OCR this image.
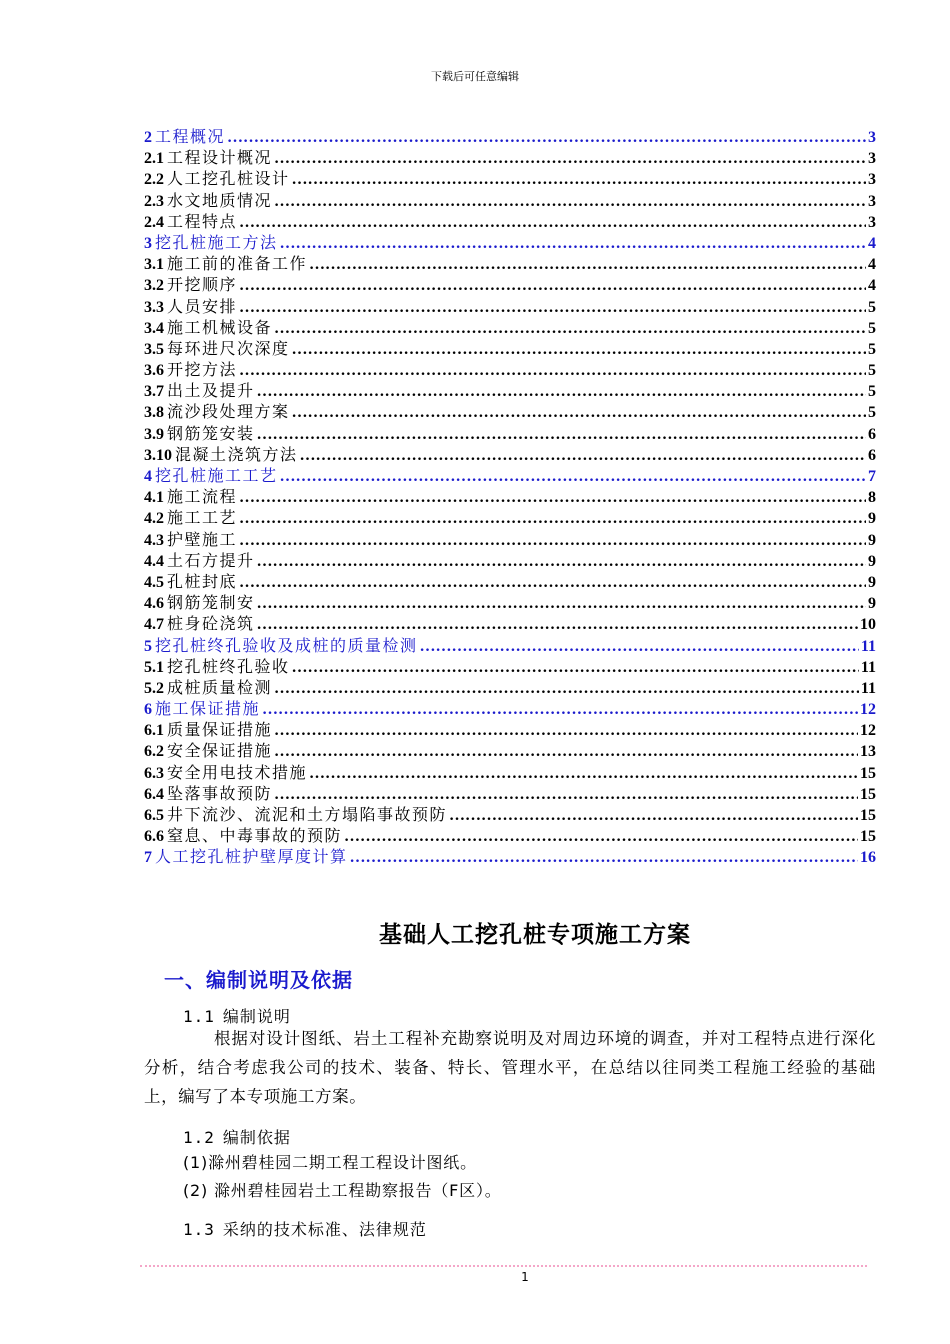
下载后可任意编辑
2 工程概况 …………………………………………………………………………………………………………………………	3
2.1 工程设计概况 …………………………………………………………………………………………………………………………	3
2.2 人工挖孔桩设计 …………………………………………………………………………………………………………………………	3
2.3 水文地质情况 …………………………………………………………………………………………………………………………	3
2.4 工程特点 …………………………………………………………………………………………………………………………	3
3 挖孔桩施工方法 …………………………………………………………………………………………………………………………	4
3.1 施工前的准备工作 …………………………………………………………………………………………………………………………	4
3.2 开挖顺序 …………………………………………………………………………………………………………………………	4
3.3 人员安排 …………………………………………………………………………………………………………………………	5
3.4 施工机械设备 …………………………………………………………………………………………………………………………	5
3.5 每环进尺次深度 …………………………………………………………………………………………………………………………	5
3.6 开挖方法 …………………………………………………………………………………………………………………………	5
3.7 出土及提升 …………………………………………………………………………………………………………………………	5
3.8 流沙段处理方案 …………………………………………………………………………………………………………………………	5
3.9 钢筋笼安装 …………………………………………………………………………………………………………………………	6
3.10 混凝土浇筑方法 …………………………………………………………………………………………………………………………	6
4 挖孔桩施工工艺 …………………………………………………………………………………………………………………………	7
4.1 施工流程 …………………………………………………………………………………………………………………………	8
4.2 施工工艺 …………………………………………………………………………………………………………………………	9
4.3 护壁施工 …………………………………………………………………………………………………………………………	9
4.4 土石方提升 …………………………………………………………………………………………………………………………	9
4.5 孔桩封底 …………………………………………………………………………………………………………………………	9
4.6 钢筋笼制安 …………………………………………………………………………………………………………………………	9
4.7 桩身砼浇筑 …………………………………………………………………………………………………………………………	10
5 挖孔桩终孔验收及成桩的质量检测 …………………………………………………………………………………………………………………………	11
5.1 挖孔桩终孔验收 …………………………………………………………………………………………………………………………	11
5.2 成桩质量检测 …………………………………………………………………………………………………………………………	11
6 施工保证措施 …………………………………………………………………………………………………………………………	12
6.1 质量保证措施 …………………………………………………………………………………………………………………………	12
6.2 安全保证措施 …………………………………………………………………………………………………………………………	13
6.3 安全用电技术措施 …………………………………………………………………………………………………………………………	15
6.4 坠落事故预防 …………………………………………………………………………………………………………………………	15
6.5 井下流沙、流泥和土方塌陷事故预防 …………………………………………………………………………………………………………………………	15
6.6 窒息、中毒事故的预防 …………………………………………………………………………………………………………………………	15
7 人工挖孔桩护壁厚度计算 …………………………………………………………………………………………………………………………	16
基础人工挖孔桩专项施工方案
一、编制说明及依据
1.1 编制说明
根据对设计图纸、岩土工程补充勘察说明及对周边环境的调查，并对工程特点进行深化分析，结合考虑我公司的技术、装备、特长、管理水平，在总结以往同类工程施工经验的基础上，编写了本专项施工方案。
1.2 编制依据
(1)滁州碧桂园二期工程工程设计图纸。
(2) 滁州碧桂园岩土工程勘察报告（F区）。
1.3 采纳的技术标准、法律规范
1
